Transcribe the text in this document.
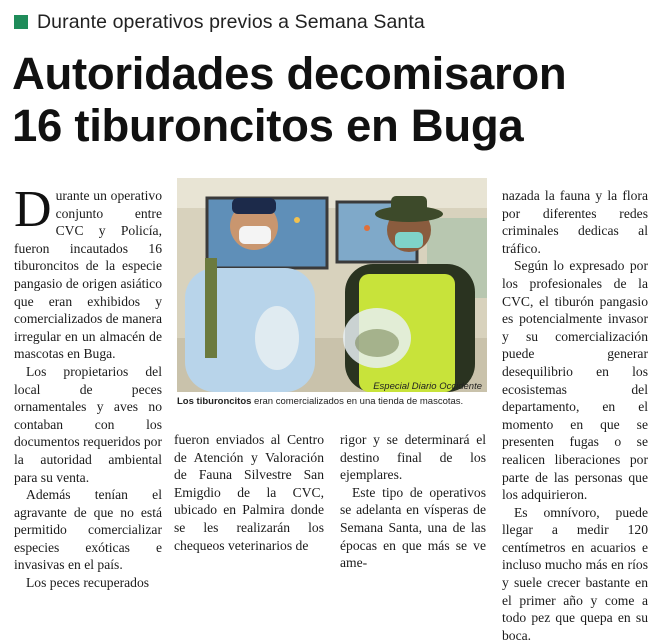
Durante operativos previos a Semana Santa
Autoridades decomisaron
16 tiburoncitos en Buga

Durante un operativo conjunto entre CVC y Policía, fueron incautados 16 tiburoncitos de la especie pangasio de origen asiático que eran exhibidos y comercializados de manera irregular en un almacén de mascotas en Buga.

Los propietarios del local de peces ornamentales y aves no contaban con los documentos requeridos por la autoridad ambiental para su venta.

Además tenían el agravante de que no está permitido comercializar especies exóticas e invasivas en el país.

Los peces recuperados

Especial Diario Occidente
Los tiburoncitos eran comercializados en una tienda de mascotas.

fueron enviados al Centro de Atención y Valoración de Fauna Silvestre San Emigdio de la CVC, ubicado en Palmira donde se les realizarán los chequeos veterinarios de

rigor y se determinará el destino final de los ejemplares.

Este tipo de operativos se adelanta en vísperas de Semana Santa, una de las épocas en que más se ve ame-

nazada la fauna y la flora por diferentes redes criminales dedicas al tráfico.

Según lo expresado por los profesionales de la CVC, el tiburón pangasio es potencialmente invasor y su comercialización puede generar desequilibrio en los ecosistemas del departamento, en el momento en que se presenten fugas o se realicen liberaciones por parte de las personas que los adquirieron.

Es omnívoro, puede llegar a medir 120 centímetros en acuarios e incluso mucho más en ríos y suele crecer bastante en el primer año y come a todo pez que quepa en su boca.
